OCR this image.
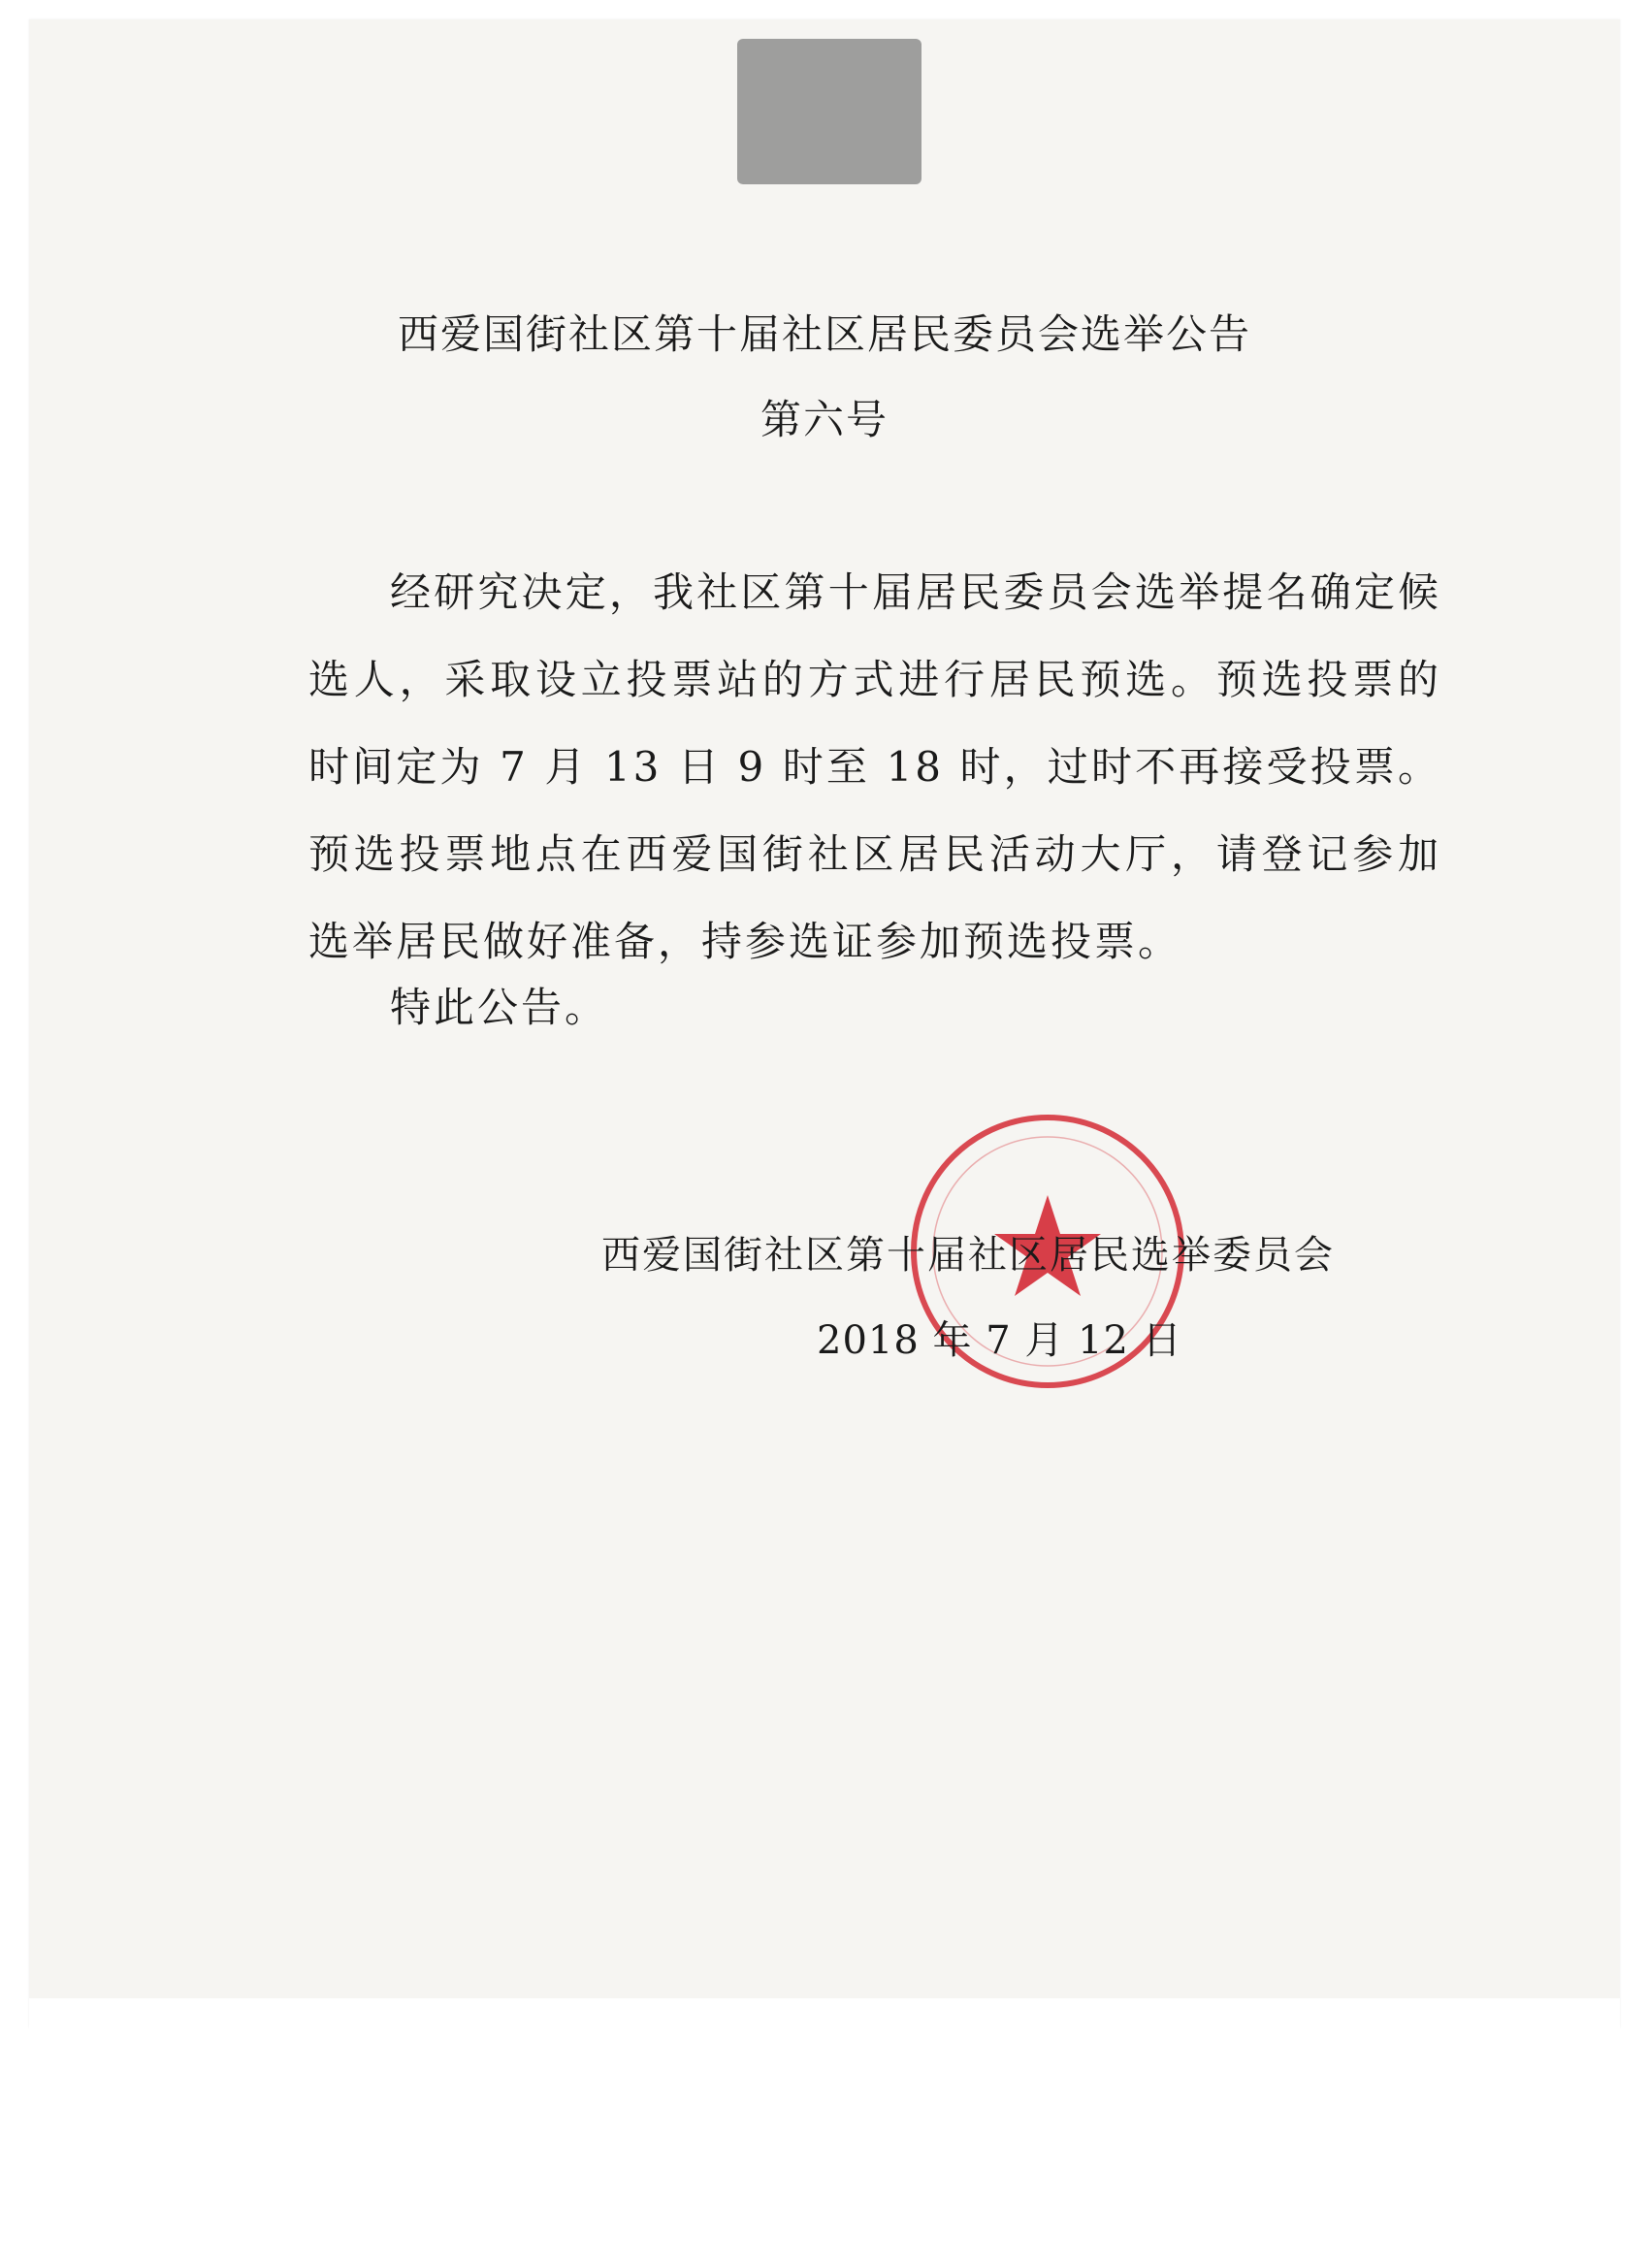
西爱国街社区第十届社区居民委员会选举公告
第六号
经研究决定，我社区第十届居民委员会选举提名确定候选人，采取设立投票站的方式进行居民预选。预选投票的时间定为 7 月 13 日 9 时至 18 时，过时不再接受投票。预选投票地点在西爱国街社区居民活动大厅，请登记参加选举居民做好准备，持参选证参加预选投票。
特此公告。
西爱国街社区第十届社区居民选举委员会
2018 年 7 月 12 日
